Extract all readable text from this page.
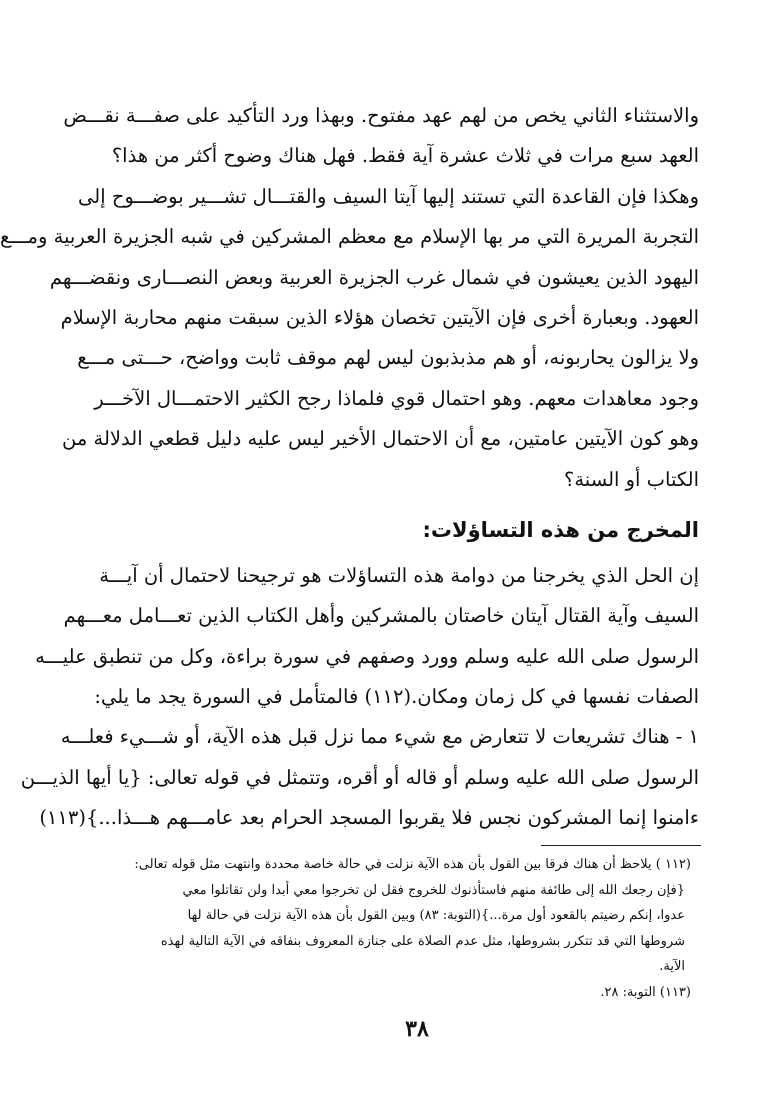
والاستثناء الثاني يخص من لهم عهد مفتوح. وبهذا ورد التأكيد على صفـــة نقـــض
العهد سبع مرات في ثلاث عشرة آية فقط. فهل هناك وضوح أكثر من هذا؟
وهكذا فإن القاعدة التي تستند إليها آيتا السيف والقتـــال تشـــير بوضـــوح إلى
التجربة المريرة التي مر بها الإسلام مع معظم المشركين في شبه الجزيرة العربية ومـــع
اليهود الذين يعيشون في شمال غرب الجزيرة العربية وبعض النصـــارى ونقضـــهم
العهود. وبعبارة أخرى فإن الآيتين تخصان هؤلاء الذين سبقت منهم محاربة الإسلام
ولا يزالون يحاربونه، أو هم مذبذبون ليس لهم موقف ثابت وواضح، حـــتى مـــع
وجود معاهدات معهم. وهو احتمال قوي فلماذا رجح الكثير الاحتمـــال الآخـــر
وهو كون الآيتين عامتين، مع أن الاحتمال الأخير ليس عليه دليل قطعي الدلالة من
الكتاب أو السنة؟
المخرج من هذه التساؤلات:
إن الحل الذي يخرجنا من دوامة هذه التساؤلات هو ترجيحنا لاحتمال أن آيـــة
السيف وآية القتال آيتان خاصتان بالمشركين وأهل الكتاب الذين تعـــامل معـــهم
الرسول صلى الله عليه وسلم وورد وصفهم في سورة براءة، وكل من تنطبق عليـــه
الصفات نفسها في كل زمان ومكان.(١١٢) فالمتأمل في السورة يجد ما يلي:
١ - هناك تشريعات لا تتعارض مع شيء مما نزل قبل هذه الآية، أو شـــيء فعلـــه
الرسول صلى الله عليه وسلم أو قاله أو أقره، وتتمثل في قوله تعالى: {يا أيها الذيـــن
ءامنوا إنما المشركون نجس فلا يقربوا المسجد الحرام بعد عامـــهم هـــذا...}(١١٣)
(١١٢ ) يلاحظ أن هناك فرقا بين القول بأن هذه الآية نزلت في حالة خاصة محددة وانتهت مثل قوله تعالى:
{فإن رجعك الله إلى طائفة منهم فاستأذنوك للخروج فقل لن تخرجوا معي أبدا ولن تقاتلوا معي
عدوا، إنكم رضيتم بالقعود أول مرة...}(التوبة: ٨٣) وبين القول بأن هذه الآية نزلت في حالة لها
شروطها التي قد تتكرر بشروطها، مثل عدم الصلاة على جنازة المعروف بنفاقه في الآية التالية لهذه
الآية.
(١١٣) التوبة: ٢٨.
٣٨
